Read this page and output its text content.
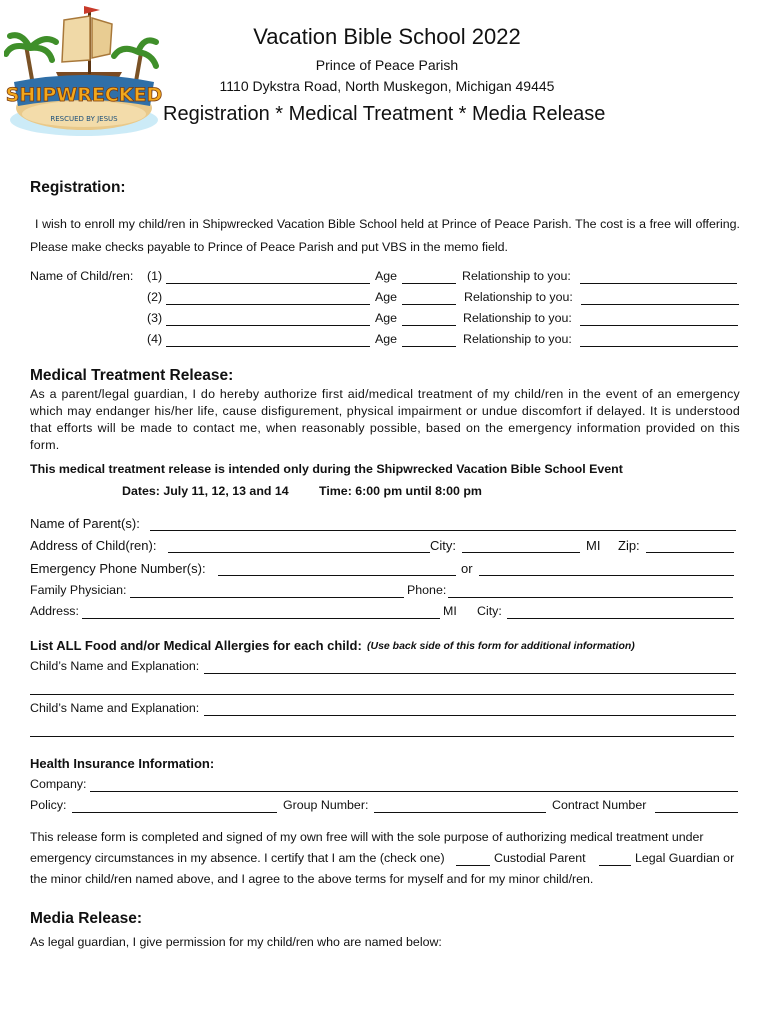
SHIPWRECKED
RESCUED BY JESUS
Vacation Bible School 2022
Prince of Peace Parish
1110 Dykstra Road, North Muskegon, Michigan 49445
Registration * Medical Treatment * Media Release
Registration:
I wish to enroll my child/ren in Shipwrecked Vacation Bible School held at Prince of Peace Parish. The cost is a free will offering. Please make checks payable to Prince of Peace Parish and put VBS in the memo field.
Name of Child/ren: (1)	Age	Relationship to you:
(2)	Age	Relationship to you:
(3)	Age	Relationship to you:
(4)	Age	Relationship to you:
Medical Treatment Release:
As a parent/legal guardian, I do hereby authorize first aid/medical treatment of my child/ren in the event of an emergency which may endanger his/her life, cause disfigurement, physical impairment or undue discomfort if delayed. It is understood that efforts will be made to contact me, when reasonably possible, based on the emergency information provided on this form.
This medical treatment release is intended only during the Shipwrecked Vacation Bible School Event
Dates: July 11, 12, 13 and 14 Time: 6:00 pm until 8:00 pm
Name of Parent(s):
Address of Child(ren):	City:	MI Zip:
Emergency Phone Number(s):	or
Family Physician:	Phone:
Address:	MI City:
List ALL Food and/or Medical Allergies for each child: (Use back side of this form for additional information)
Child’s Name and Explanation:
Child’s Name and Explanation:
Health Insurance Information:
Company:
Policy:	Group Number:	Contract Number
This release form is completed and signed of my own free will with the sole purpose of authorizing medical treatment under
emergency circumstances in my absence. I certify that I am the (check one)	Custodial Parent	Legal Guardian or
the minor child/ren named above, and I agree to the above terms for myself and for my minor child/ren.
Media Release:
As legal guardian, I give permission for my child/ren who are named below:
